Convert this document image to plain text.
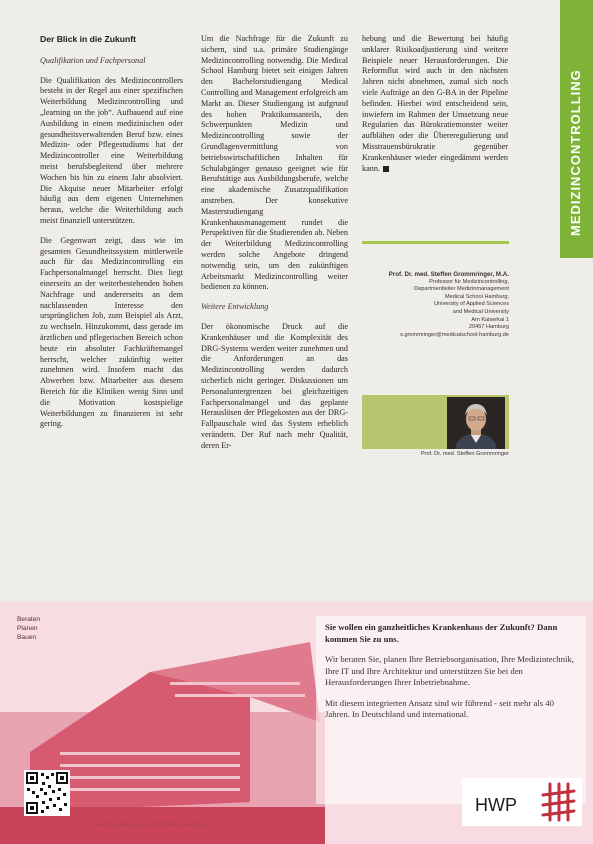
MEDIZINCONTROLLING
Der Blick in die Zukunft

Qualifikation und Fachpersonal

Die Qualifikation des Medizincontrollers besteht in der Regel aus einer spezifischen Weiterbildung Medizincontrolling und „learning on the job“. Aufbauend auf eine Ausbildung in einem medizinischen oder gesundheitsverwaltenden Beruf bzw. eines Medizin- oder Pflegestudiums hat der Medizincontroller eine Weiterbildung meist berufsbegleitend über mehrere Wochen bis hin zu einem Jahr absolviert. Die Akquise neuer Mitarbeiter erfolgt häufig aus dem eigenen Unternehmen heraus, welche die Weiterbildung auch meist finanziell unterstützen.

Die Gegenwart zeigt, dass wie im gesamten Gesundheitssystem mittlerweile auch für das Medizincontrolling ein Fachpersonalmangel herrscht. Dies liegt einerseits an der weiterbestehenden hohen Nachfrage und andererseits an dem nachlassenden Interesse den ursprünglichen Job, zum Beispiel als Arzt, zu wechseln. Hinzukommt, dass gerade im ärztlichen und pflegerischen Bereich schon heute ein absoluter Fachkräftemangel herrscht, welcher zukünftig weiter zunehmen wird. Insofern macht das Abwerben bzw. Mitarbeiter aus diesem Bereich für die Kliniken wenig Sinn und die Motivation kostspielige Weiterbildungen zu finanzieren ist sehr gering.

Um die Nachfrage für die Zukunft zu sichern, sind u.a. primäre Studiengänge Medizincontrolling notwendig. Die Medical School Hamburg bietet seit einigen Jahren den Bachelorstudiengang Medical Controlling and Management erfolgreich am Markt an. Dieser Studiengang ist aufgrund des hohen Praktikumsanteils, den Schwerpunkten Medizin und Medizincontrolling sowie der Grundlagenvermittlung von betriebswirtschaftlichen Inhalten für Schulabgänger genauso geeignet wie für Berufstätige aus Ausbildungsberufe, welche eine akademische Zusatzqualifikation anstreben. Der konsekutive Masterstudiengang Krankenhausmanagement rundet die Perspektiven für die Studierenden ab. Neben der Weiterbildung Medizincontrolling werden solche Angebote dringend notwendig sein, um den zukünftigen Arbeitsmarkt Medizincontrolling weiter bedienen zu können.

Weitere Entwicklung

Der ökonomische Druck auf die Krankenhäuser und die Komplexität des DRG-Systems werden weiter zunehmen und die Anforderungen an das Medizincontrolling werden dadurch sicherlich nicht geringer. Diskussionen um Personaluntergrenzen bei gleichzeitigen Fachpersonalmangel und das geplante Herauslösen der Pflegekosten aus der DRG-Fallpauschale wird das System erheblich verändern. Der Ruf nach mehr Qualität, deren Er-

hebung und die Bewertung bei häufig unklarer Risikoadjustierung sind weitere Beispiele neuer Herausforderungen. Die Reformflut wird auch in den nächsten Jahren nicht abnehmen, zumal sich noch viele Aufträge an den G-BA in der Pipeline befinden. Hierbei wird entscheidend sein, inwiefern im Rahmen der Umsetzung neue Regularien das Bürokratiemonster weiter aufblähen oder die Übereregulierung und Misstrauensbürokratie gegenüber Krankenhäuser wieder eingedämmt werden kann.

Prof. Dr. med. Steffen Grommringer, M.A.
Professor für Medizincontrolling,
Departmentleiter Medizinmanagement
Medical School Hamburg,
University of Applied Sciences
and Medical University
Am Kaiserkai 1
20457 Hamburg
s.grommringer@medicalschool-hamburg.de
Prof. Dr. med. Steffen Grommringer
Beraten
Planen
Bauen

Sie wollen ein ganzheitliches Krankenhaus der Zukunft? Dann kommen Sie zu uns.

Wir beraten Sie, planen Ihre Betriebsorganisation, Ihre Medizintechnik, Ihre IT und Ihre Architektur und unterstützen Sie bei den Herausforderungen Ihrer Inbetriebnahme.

Mit diesem integrierten Ansatz sind wir führend - seit mehr als 40 Jahren. In Deutschland und international.

HWP
www.hwp-planung.de · info@hwp-planung.de
